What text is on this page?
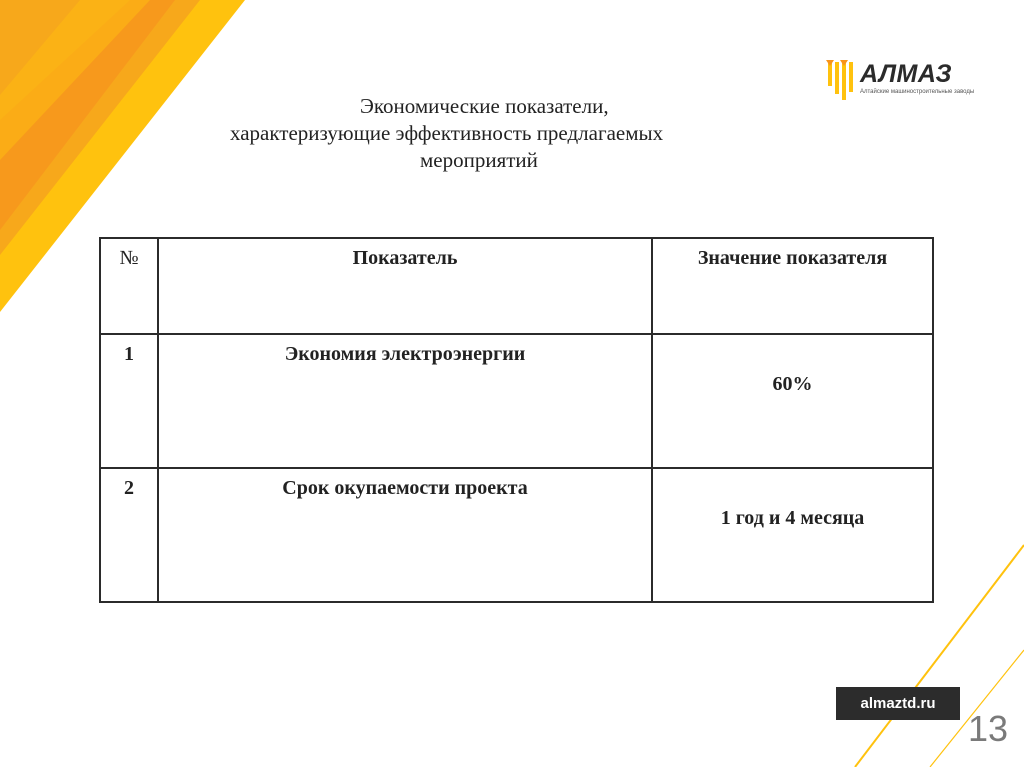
Экономические показатели,
характеризующие эффективность предлагаемых
мероприятий
АЛМАЗ
Алтайские машиностроительные заводы
№	Показатель	Значение показателя
1	Экономия электроэнергии	60%
2	Срок окупаемости проекта	1 год и 4 месяца
almaztd.ru
13
